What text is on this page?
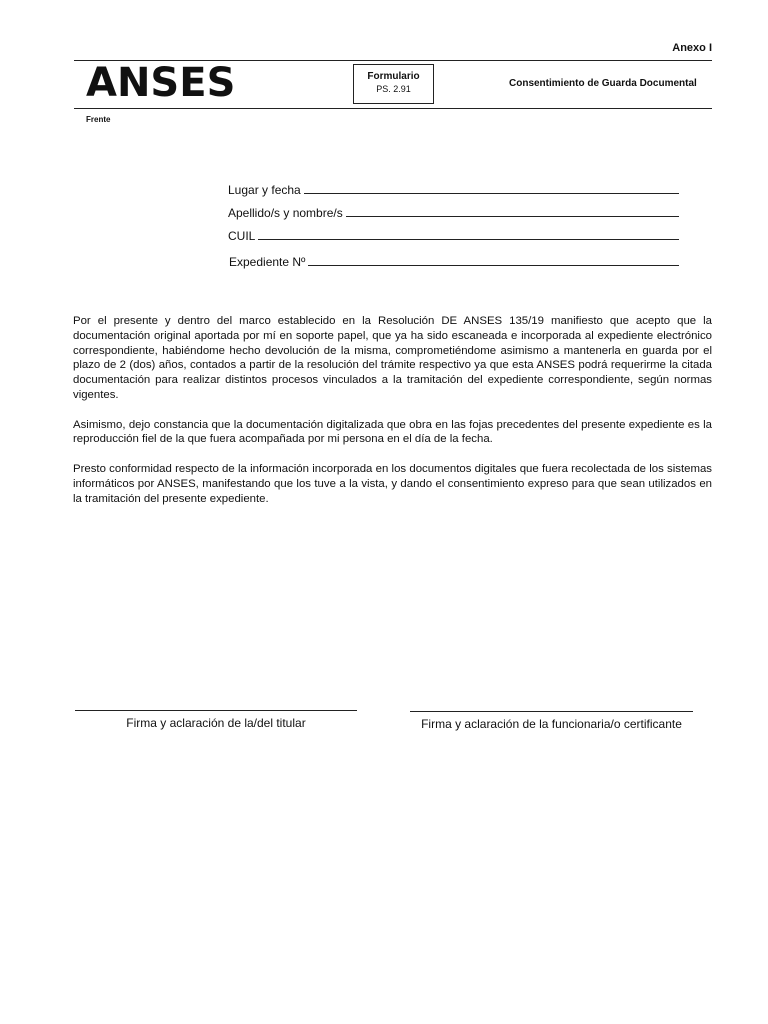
Anexo I
ANSES	Formulario
PS. 2.91	Consentimiento de Guarda Documental
Frente
Lugar y fecha
Apellido/s y nombre/s
CUIL
Expediente Nº

Por el presente y dentro del marco establecido en la Resolución DE ANSES 135/19 manifiesto que acepto que la documentación original aportada por mí en soporte papel, que ya ha sido escaneada e incorporada al expediente electrónico correspondiente, habiéndome hecho devolución de la misma, comprometiéndome asimismo a mantenerla en guarda por el plazo de 2 (dos) años, contados a partir de la resolución del trámite respectivo ya que esta ANSES podrá requerirme la citada documentación para realizar distintos procesos vinculados a la tramitación del expediente correspondiente, según normas vigentes.

Asimismo, dejo constancia que la documentación digitalizada que obra en las fojas precedentes del presente expediente es la reproducción fiel de la que fuera acompañada por mi persona en el día de la fecha.

Presto conformidad respecto de la información incorporada en los documentos digitales que fuera recolectada de los sistemas informáticos por ANSES, manifestando que los tuve a la vista, y dando el consentimiento expreso para que sean utilizados en la tramitación del presente expediente.

Firma y aclaración de la/del titular	Firma y aclaración de la funcionaria/o certificante
